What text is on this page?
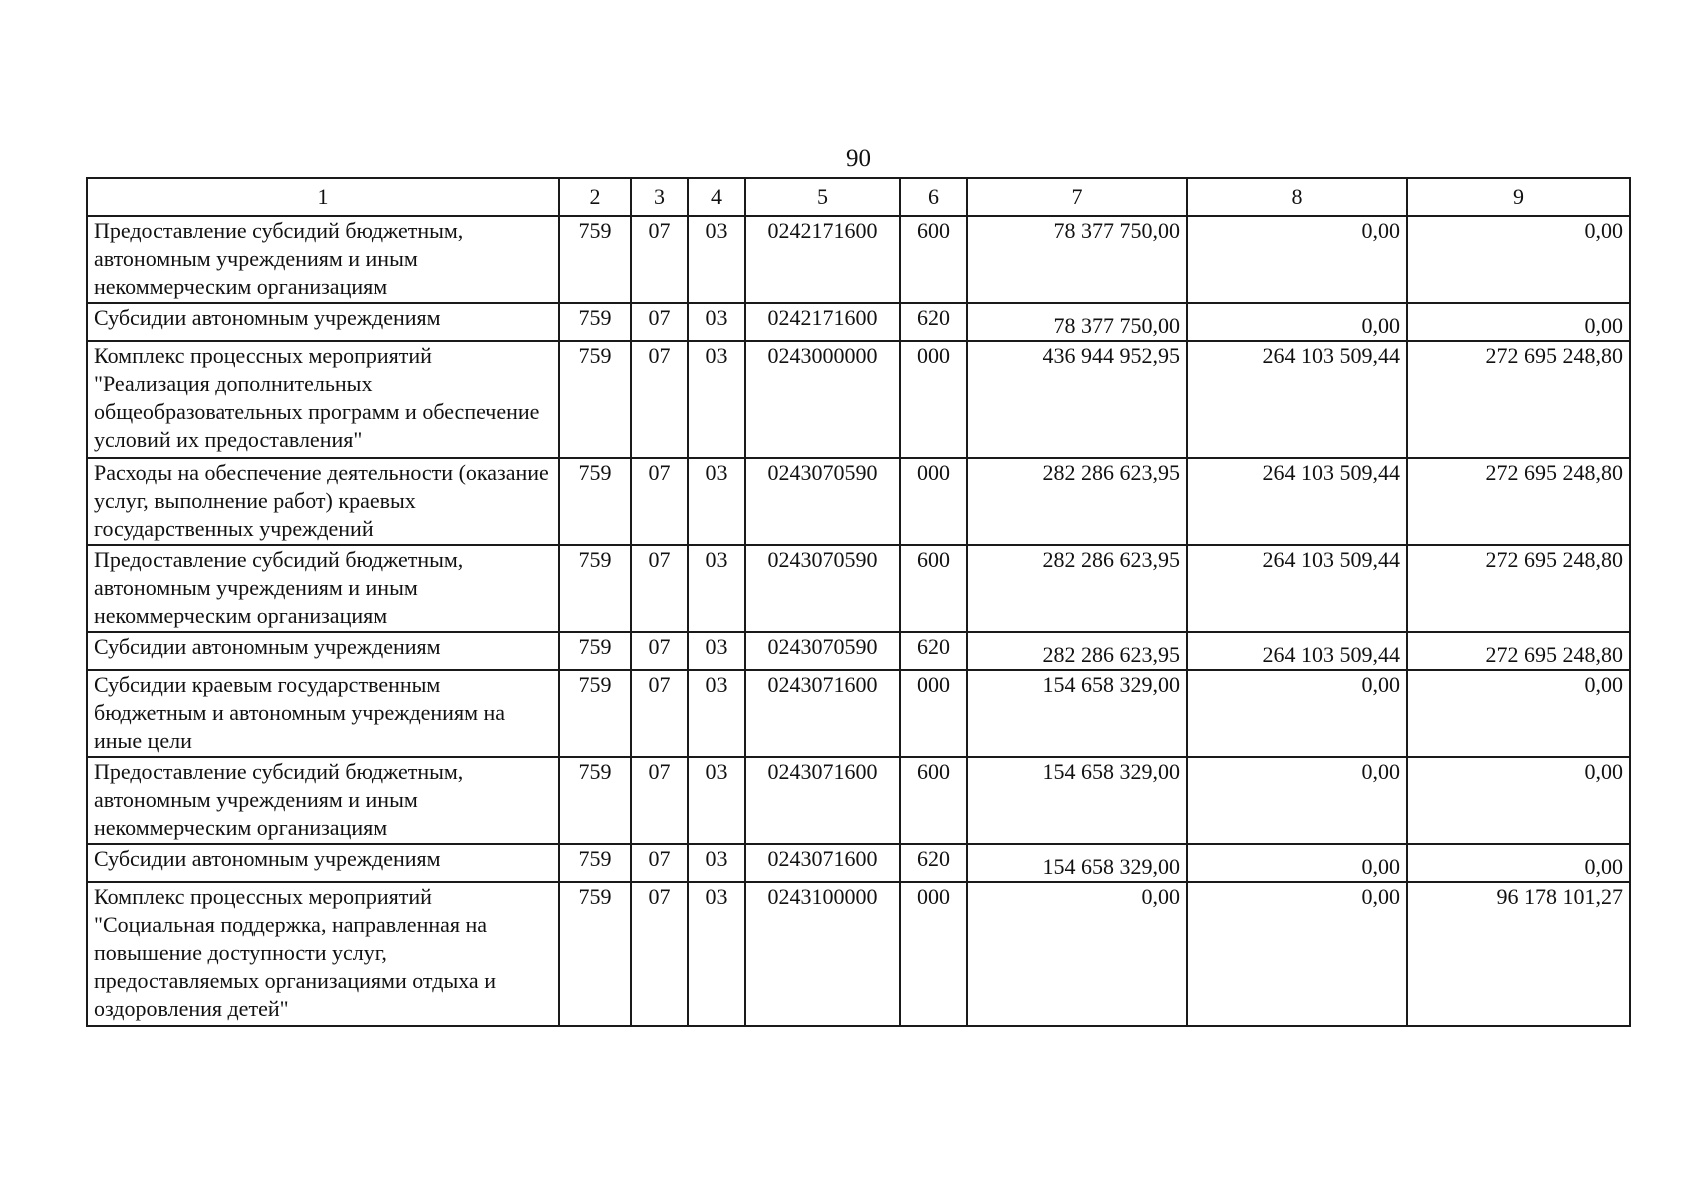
90
1	2	3	4	5	6	7	8	9
Предоставление субсидий бюджетным, автономным учреждениям и иным некоммерческим организациям	759	07	03	0242171600	600	78 377 750,00	0,00	0,00
Субсидии автономным учреждениям	759	07	03	0242171600	620	78 377 750,00	0,00	0,00
Комплекс процессных мероприятий "Реализация дополнительных общеобразовательных программ и обеспечение условий их предоставления"	759	07	03	0243000000	000	436 944 952,95	264 103 509,44	272 695 248,80
Расходы на обеспечение деятельности (оказание услуг, выполнение работ) краевых государственных учреждений	759	07	03	0243070590	000	282 286 623,95	264 103 509,44	272 695 248,80
Предоставление субсидий бюджетным, автономным учреждениям и иным некоммерческим организациям	759	07	03	0243070590	600	282 286 623,95	264 103 509,44	272 695 248,80
Субсидии автономным учреждениям	759	07	03	0243070590	620	282 286 623,95	264 103 509,44	272 695 248,80
Субсидии краевым государственным бюджетным и автономным учреждениям на иные цели	759	07	03	0243071600	000	154 658 329,00	0,00	0,00
Предоставление субсидий бюджетным, автономным учреждениям и иным некоммерческим организациям	759	07	03	0243071600	600	154 658 329,00	0,00	0,00
Субсидии автономным учреждениям	759	07	03	0243071600	620	154 658 329,00	0,00	0,00
Комплекс процессных мероприятий "Социальная поддержка, направленная на повышение доступности услуг, предоставляемых организациями отдыха и оздоровления детей"	759	07	03	0243100000	000	0,00	0,00	96 178 101,27
